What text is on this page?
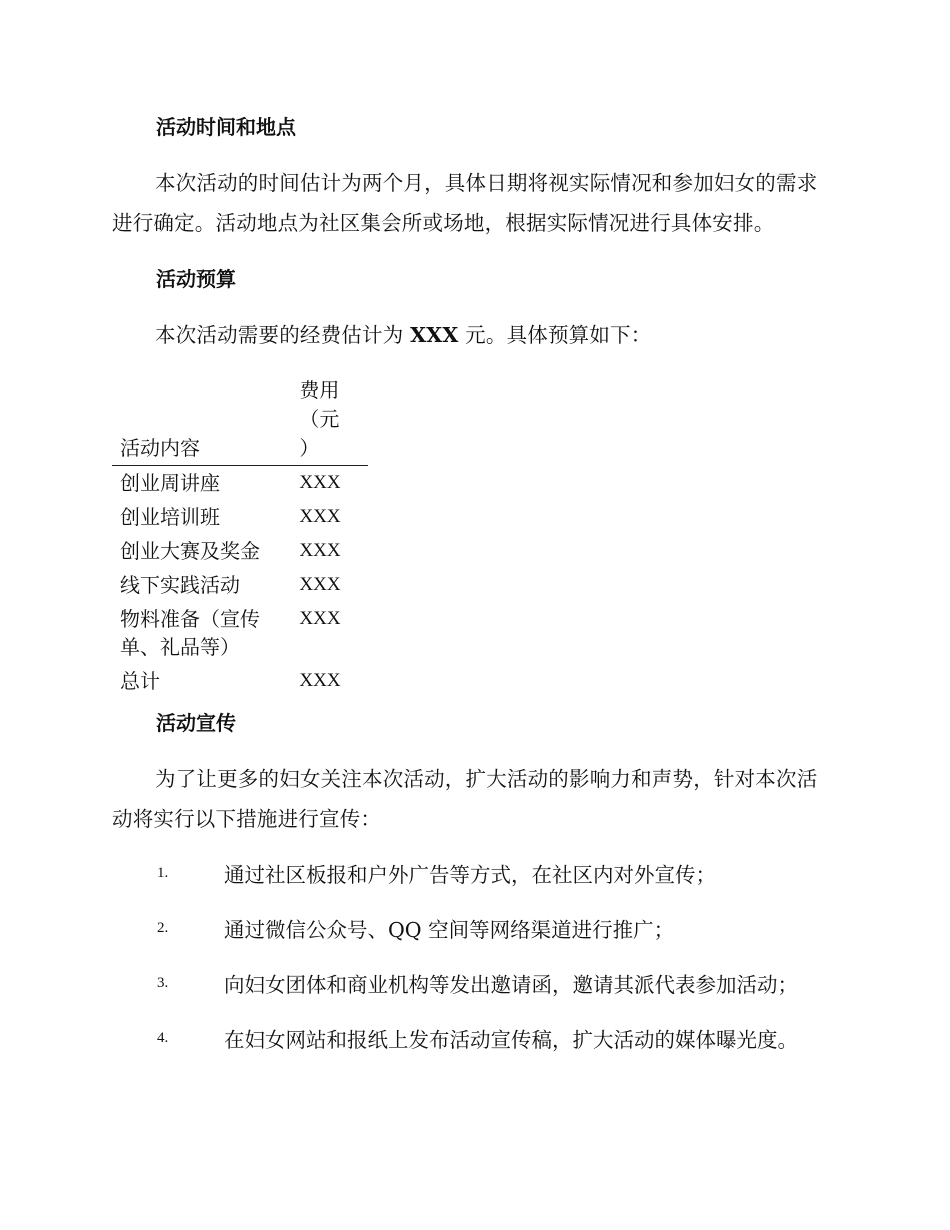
活动时间和地点

本次活动的时间估计为两个月，具体日期将视实际情况和参加妇女的需求进行确定。活动地点为社区集会所或场地，根据实际情况进行具体安排。

活动预算

本次活动需要的经费估计为 XXX 元。具体预算如下：

活动内容	费用
（元
）

创业周讲座	XXX
创业培训班	XXX
创业大赛及奖金	XXX
线下实践活动	XXX
物料准备（宣传单、礼品等）	XXX
总计	XXX
活动宣传

为了让更多的妇女关注本次活动，扩大活动的影响力和声势，针对本次活动将实行以下措施进行宣传：

1.	通过社区板报和户外广告等方式，在社区内对外宣传；
2.	通过微信公众号、QQ 空间等网络渠道进行推广；
3.	向妇女团体和商业机构等发出邀请函，邀请其派代表参加活动；
4.	在妇女网站和报纸上发布活动宣传稿，扩大活动的媒体曝光度。
